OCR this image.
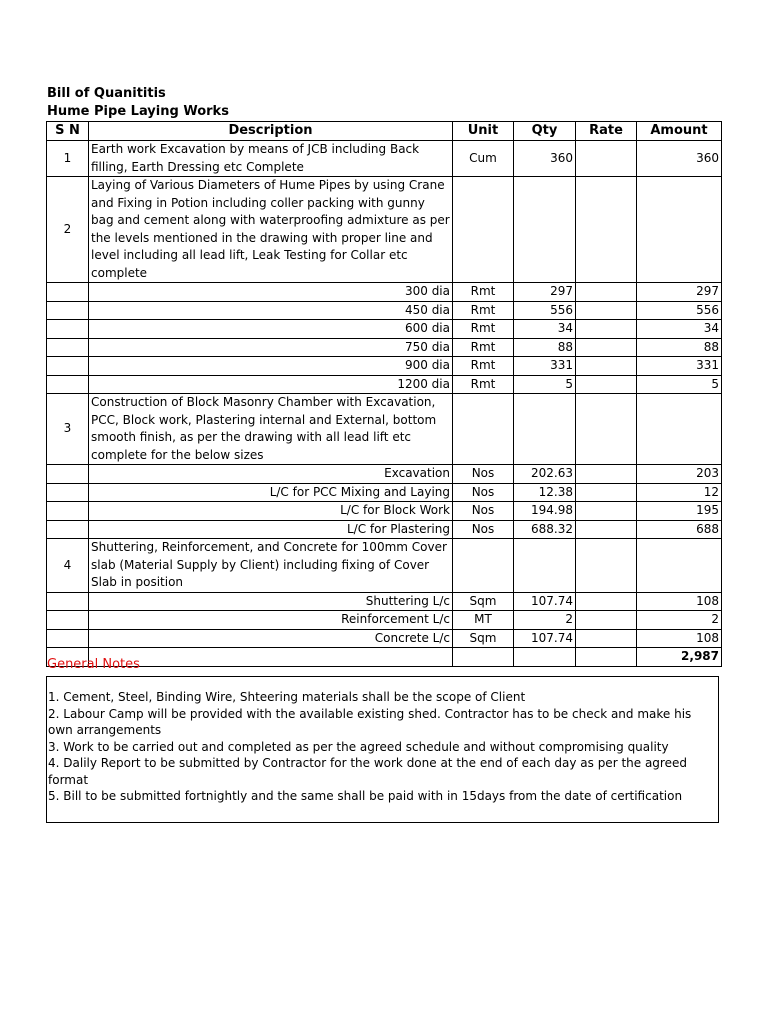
Bill of Quanititis
Hume Pipe Laying Works
S N	Description	Unit	Qty	Rate	Amount
1	Earth work Excavation by means of JCB including Back filling, Earth Dressing etc Complete	Cum	360		360
2	Laying of Various Diameters of Hume Pipes by using Crane and Fixing in Potion including coller packing with gunny bag and cement along with waterproofing admixture as per the levels mentioned in the drawing with proper line and level including all lead lift, Leak Testing for Collar etc complete				
	300 dia	Rmt	297		297
	450 dia	Rmt	556		556
	600 dia	Rmt	34		34
	750 dia	Rmt	88		88
	900 dia	Rmt	331		331
	1200 dia	Rmt	5		5
3	Construction of Block Masonry Chamber with Excavation, PCC, Block work, Plastering internal and External, bottom smooth finish, as per the drawing with all lead lift etc complete for the below sizes				
	Excavation	Nos	202.63		203
	L/C for PCC Mixing and Laying	Nos	12.38		12
	L/C for Block Work	Nos	194.98		195
	L/C for Plastering	Nos	688.32		688
4	Shuttering, Reinforcement, and Concrete for 100mm Cover slab (Material Supply by Client) including fixing of Cover Slab in position				
	Shuttering L/c	Sqm	107.74		108
	Reinforcement L/c	MT	2		2
	Concrete L/c	Sqm	107.74		108
					2,987
General Notes

1. Cement, Steel, Binding Wire, Shteering materials shall be the scope of Client

2. Labour Camp will be provided with the available existing shed. Contractor has to be check and make his own arrangements

3. Work to be carried out and completed as per the agreed schedule and without compromising quality

4. Dalily Report to be submitted by Contractor for the work done at the end of each day as per the agreed format

5. Bill to be submitted fortnightly and the same shall be paid with in 15days from the date of certification
